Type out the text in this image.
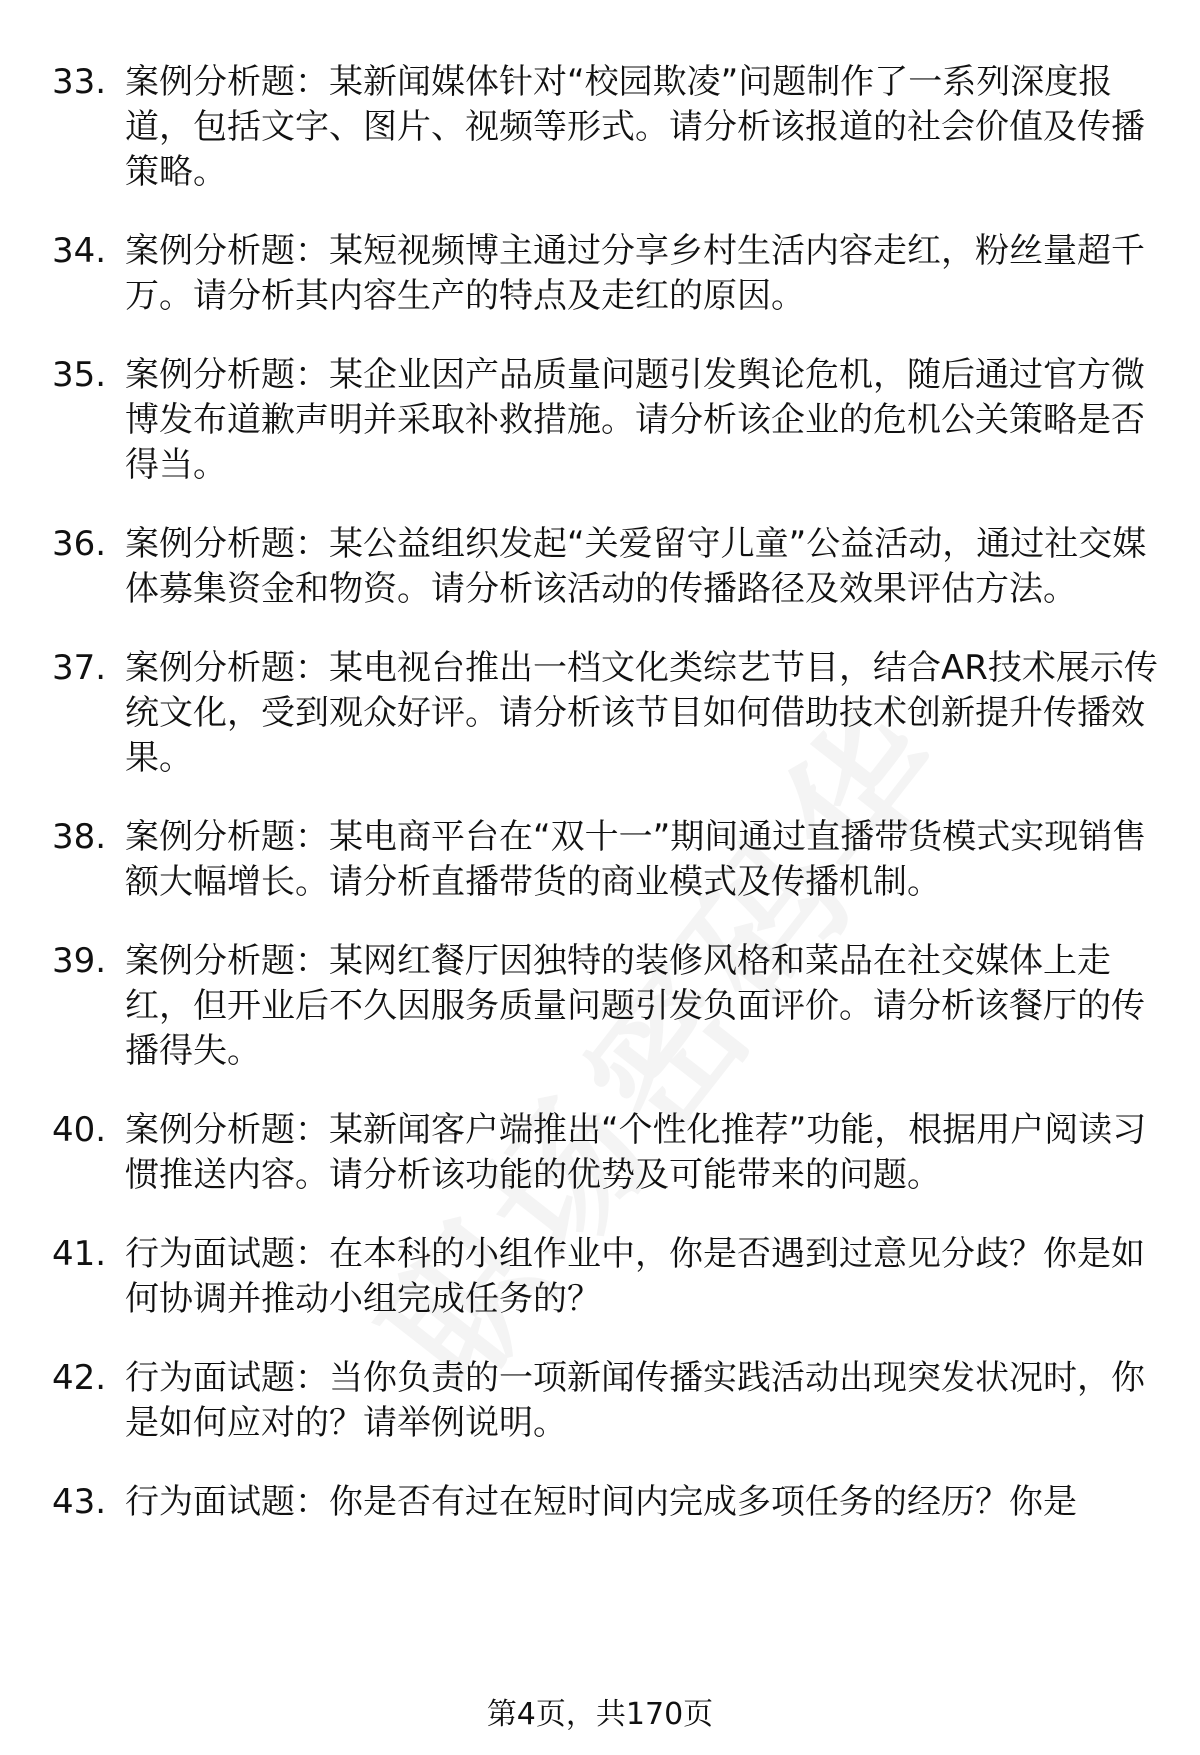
33. 案例分析题：某新闻媒体针对“校园欺凌”问题制作了一系列深度报道，包括文字、图片、视频等形式。请分析该报道的社会价值及传播策略。
34. 案例分析题：某短视频博主通过分享乡村生活内容走红，粉丝量超千万。请分析其内容生产的特点及走红的原因。
35. 案例分析题：某企业因产品质量问题引发舆论危机，随后通过官方微博发布道歉声明并采取补救措施。请分析该企业的危机公关策略是否得当。
36. 案例分析题：某公益组织发起“关爱留守儿童”公益活动，通过社交媒体募集资金和物资。请分析该活动的传播路径及效果评估方法。
37. 案例分析题：某电视台推出一档文化类综艺节目，结合AR技术展示传统文化，受到观众好评。请分析该节目如何借助技术创新提升传播效果。
38. 案例分析题：某电商平台在“双十一”期间通过直播带货模式实现销售额大幅增长。请分析直播带货的商业模式及传播机制。
39. 案例分析题：某网红餐厅因独特的装修风格和菜品在社交媒体上走红，但开业后不久因服务质量问题引发负面评价。请分析该餐厅的传播得失。
40. 案例分析题：某新闻客户端推出“个性化推荐”功能，根据用户阅读习惯推送内容。请分析该功能的优势及可能带来的问题。
41. 行为面试题：在本科的小组作业中，你是否遇到过意见分歧？你是如何协调并推动小组完成任务的？
42. 行为面试题：当你负责的一项新闻传播实践活动出现突发状况时，你是如何应对的？请举例说明。
43. 行为面试题：你是否有过在短时间内完成多项任务的经历？你是
第4页，共170页
